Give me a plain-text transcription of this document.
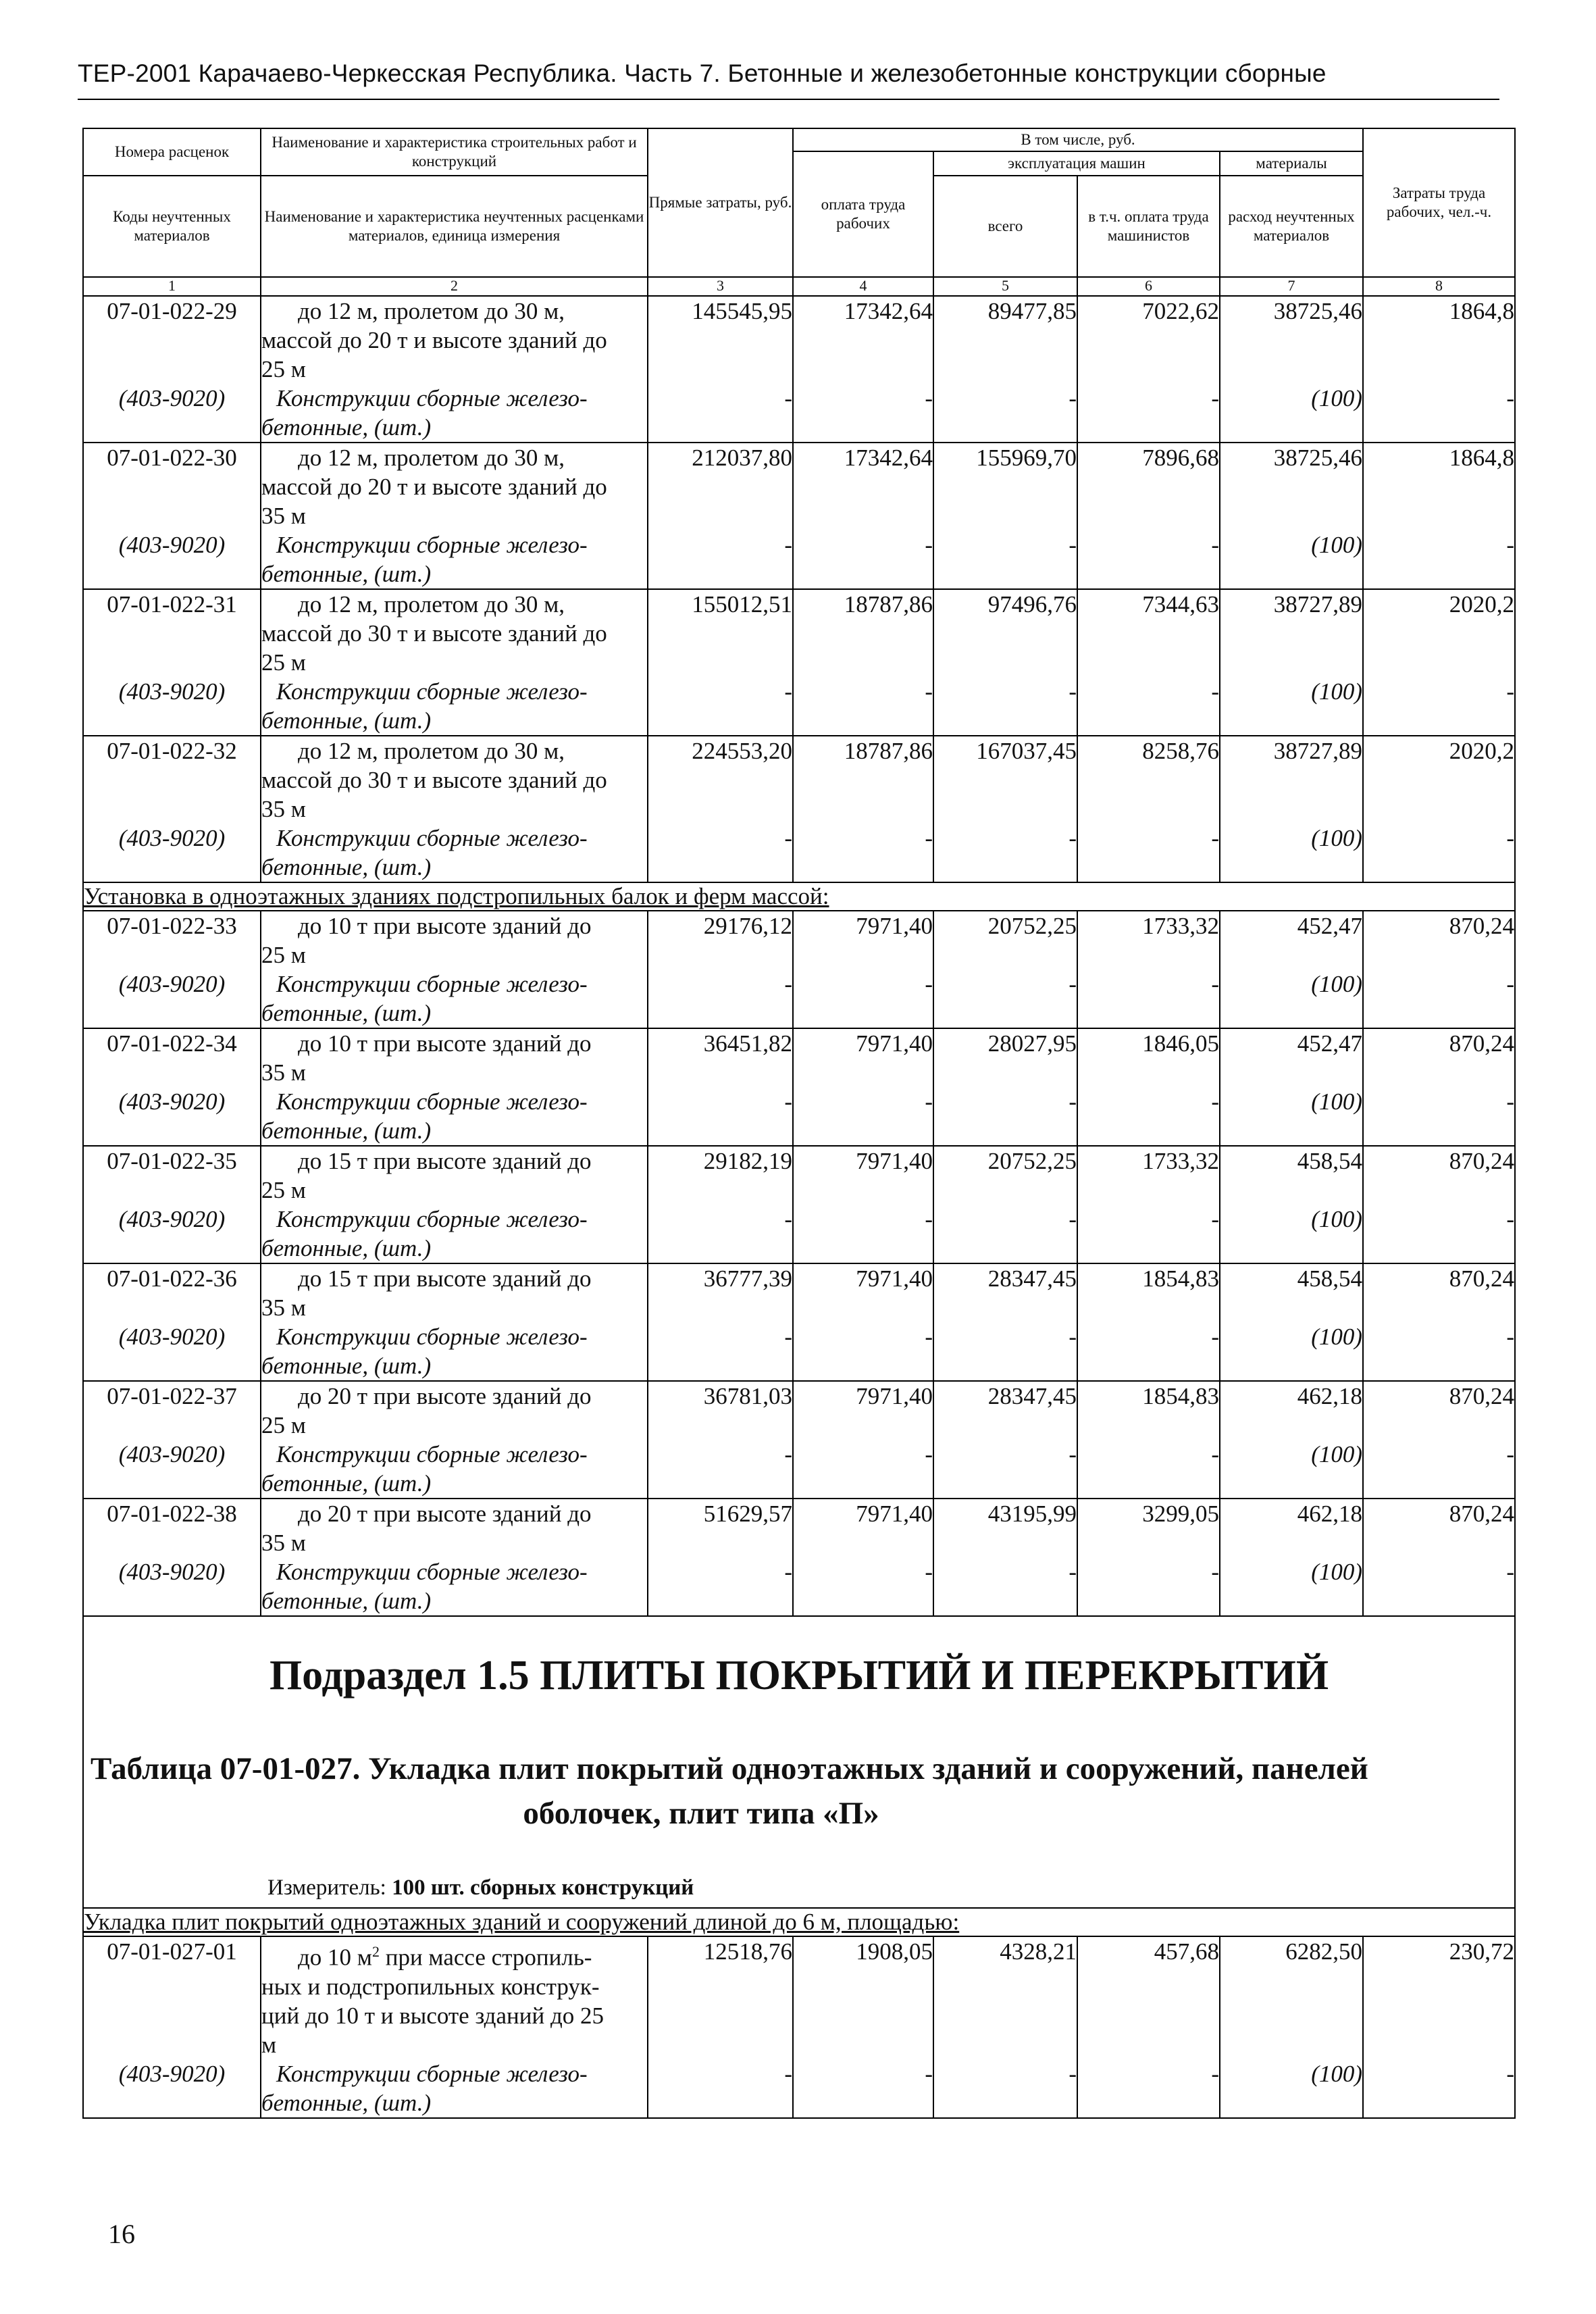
ТЕР-2001 Карачаево-Черкесская Республика. Часть 7. Бетонные и железобетонные конструкции сборные
Номера расценок	Наименование и характеристика строительных работ и конструкций	Прямые затраты, руб.	В том числе, руб.				Затраты труда рабочих, чел.-ч.
			оплата труда рабочих	эксплуатация машин		материалы	
Коды неучтенных материалов	Наименование и характеристика неучтенных расценками материалов, единица измерения			всего	в т.ч. оплата труда машинистов	расход неучтенных материалов	
1	2	3	4	5	6	7	8
07-01-022-29	до 12 м, пролетом до 30 м,
массой до 20 т и высоте зданий до
25 м	145545,95	17342,64	89477,85	7022,62	38725,46	1864,8
(403-9020)	Конструкции сборные железо-
бетонные, (шт.)	-	-	-	-	(100)	-
07-01-022-30	до 12 м, пролетом до 30 м,
массой до 20 т и высоте зданий до
35 м	212037,80	17342,64	155969,70	7896,68	38725,46	1864,8
(403-9020)	Конструкции сборные железо-
бетонные, (шт.)	-	-	-	-	(100)	-
07-01-022-31	до 12 м, пролетом до 30 м,
массой до 30 т и высоте зданий до
25 м	155012,51	18787,86	97496,76	7344,63	38727,89	2020,2
(403-9020)	Конструкции сборные железо-
бетонные, (шт.)	-	-	-	-	(100)	-
07-01-022-32	до 12 м, пролетом до 30 м,
массой до 30 т и высоте зданий до
35 м	224553,20	18787,86	167037,45	8258,76	38727,89	2020,2
(403-9020)	Конструкции сборные железо-
бетонные, (шт.)	-	-	-	-	(100)	-
Установка в одноэтажных зданиях подстропильных балок и ферм массой:							
07-01-022-33	до 10 т при высоте зданий до
25 м	29176,12	7971,40	20752,25	1733,32	452,47	870,24
(403-9020)	Конструкции сборные железо-
бетонные, (шт.)	-	-	-	-	(100)	-
07-01-022-34	до 10 т при высоте зданий до
35 м	36451,82	7971,40	28027,95	1846,05	452,47	870,24
(403-9020)	Конструкции сборные железо-
бетонные, (шт.)	-	-	-	-	(100)	-
07-01-022-35	до 15 т при высоте зданий до
25 м	29182,19	7971,40	20752,25	1733,32	458,54	870,24
(403-9020)	Конструкции сборные железо-
бетонные, (шт.)	-	-	-	-	(100)	-
07-01-022-36	до 15 т при высоте зданий до
35 м	36777,39	7971,40	28347,45	1854,83	458,54	870,24
(403-9020)	Конструкции сборные железо-
бетонные, (шт.)	-	-	-	-	(100)	-
07-01-022-37	до 20 т при высоте зданий до
25 м	36781,03	7971,40	28347,45	1854,83	462,18	870,24
(403-9020)	Конструкции сборные железо-
бетонные, (шт.)	-	-	-	-	(100)	-
07-01-022-38	до 20 т при высоте зданий до
35 м	51629,57	7971,40	43195,99	3299,05	462,18	870,24
(403-9020)	Конструкции сборные железо-
бетонные, (шт.)	-	-	-	-	(100)	-

Подраздел 1.5 ПЛИТЫ ПОКРЫТИЙ И ПЕРЕКРЫТИЙ
Таблица 07-01-027. Укладка плит покрытий одноэтажных зданий и сооружений, панелей
оболочек, плит типа «П»
Измеритель: 100 шт. сборных конструкций							

Укладка плит покрытий одноэтажных зданий и сооружений длиной до 6 м, площадью:							
07-01-027-01	до 10 $м^2$ при массе стропиль-
ных и подстропильных конструк-
ций до 10 т и высоте зданий до 25
м	12518,76	1908,05	4328,21	457,68	6282,50	230,72
(403-9020)	Конструкции сборные железо-
бетонные, (шт.)	-	-	-	-	(100)	-
16
